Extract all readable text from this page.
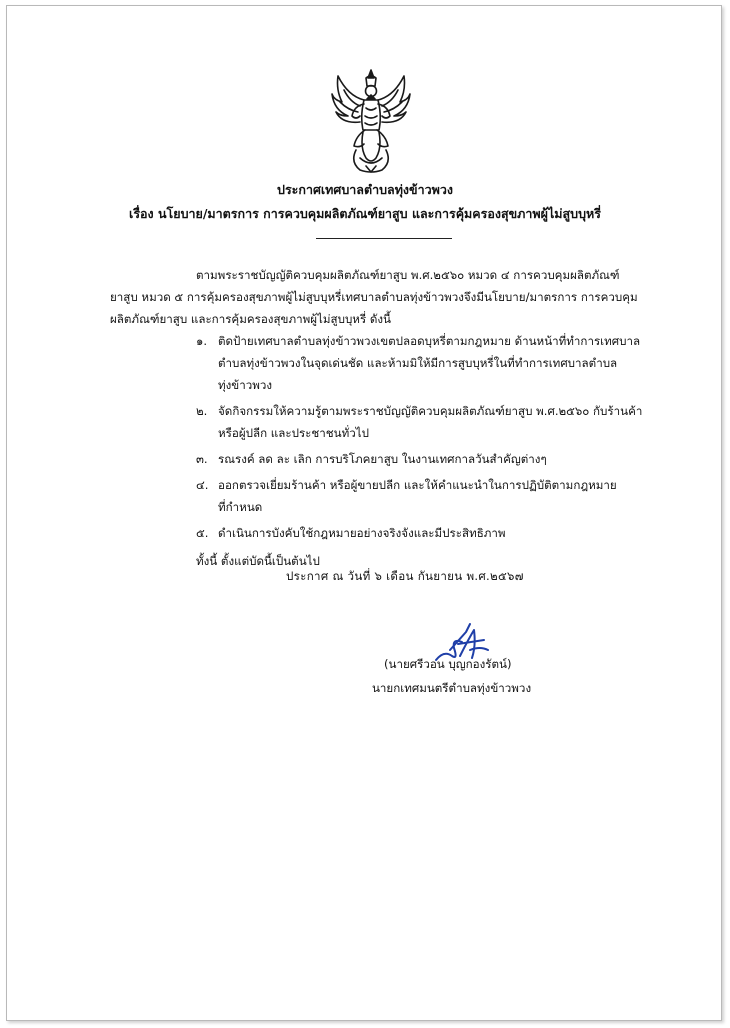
ประกาศเทศบาลตำบลทุ่งข้าวพวง
เรื่อง นโยบาย/มาตรการ การควบคุมผลิตภัณฑ์ยาสูบ และการคุ้มครองสุขภาพผู้ไม่สูบบุหรี่
ตามพระราชบัญญัติควบคุมผลิตภัณฑ์ยาสูบ พ.ศ.๒๕๖๐ หมวด ๔ การควบคุมผลิตภัณฑ์
ยาสูบ หมวด ๕ การคุ้มครองสุขภาพผู้ไม่สูบบุหรี่เทศบาลตำบลทุ่งข้าวพวงจึงมีนโยบาย/มาตรการ การควบคุม
ผลิตภัณฑ์ยาสูบ และการคุ้มครองสุขภาพผู้ไม่สูบบุหรี่ ดังนี้
๑. ติดป้ายเทศบาลตำบลทุ่งข้าวพวงเขตปลอดบุหรี่ตามกฎหมาย ด้านหน้าที่ทำการเทศบาล
ตำบลทุ่งข้าวพวงในจุดเด่นชัด และห้ามมิให้มีการสูบบุหรี่ในที่ทำการเทศบาลตำบล
ทุ่งข้าวพวง
๒. จัดกิจกรรมให้ความรู้ตามพระราชบัญญัติควบคุมผลิตภัณฑ์ยาสูบ พ.ศ.๒๕๖๐ กับร้านค้า
หรือผู้ปลีก และประชาชนทั่วไป
๓. รณรงค์ ลด ละ เลิก การบริโภคยาสูบ ในงานเทศกาลวันสำคัญต่างๆ
๔. ออกตรวจเยี่ยมร้านค้า หรือผู้ขายปลีก และให้คำแนะนำในการปฏิบัติตามกฎหมาย
ที่กำหนด
๕. ดำเนินการบังคับใช้กฎหมายอย่างจริงจังและมีประสิทธิภาพ
ทั้งนี้ ตั้งแต่บัดนี้เป็นต้นไป
ประกาศ ณ วันที่ ๖ เดือน กันยายน พ.ศ.๒๕๖๗
(นายศรีวอน บุญกองรัตน์)
นายกเทศมนตรีตำบลทุ่งข้าวพวง
